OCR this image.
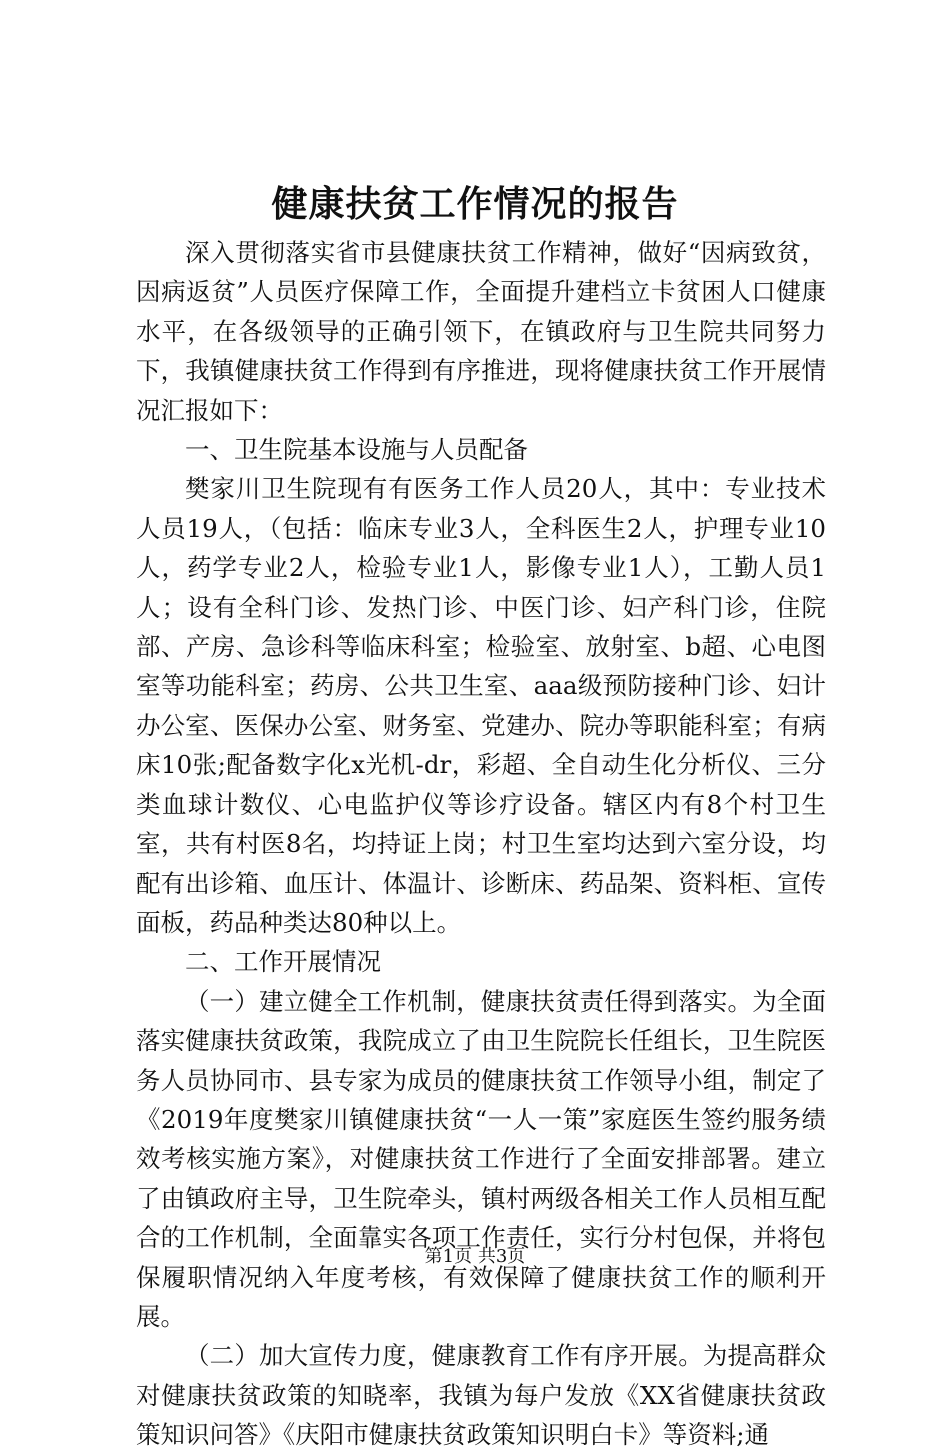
健康扶贫工作情况的报告

深入贯彻落实省市县健康扶贫工作精神，做好“因病致贫，因病返贫”人员医疗保障工作，全面提升建档立卡贫困人口健康水平，在各级领导的正确引领下，在镇政府与卫生院共同努力下，我镇健康扶贫工作得到有序推进，现将健康扶贫工作开展情况汇报如下：

一、卫生院基本设施与人员配备

樊家川卫生院现有有医务工作人员20人，其中：专业技术人员19人，（包括：临床专业3人，全科医生2人，护理专业10人，药学专业2人，检验专业1人，影像专业1人），工勤人员1人；设有全科门诊、发热门诊、中医门诊、妇产科门诊，住院部、产房、急诊科等临床科室；检验室、放射室、b超、心电图室等功能科室；药房、公共卫生室、aaa级预防接种门诊、妇计办公室、医保办公室、财务室、党建办、院办等职能科室；有病床10张;配备数字化x光机-dr，彩超、全自动生化分析仪、三分类血球计数仪、心电监护仪等诊疗设备。辖区内有8个村卫生室，共有村医8名，均持证上岗；村卫生室均达到六室分设，均配有出诊箱、血压计、体温计、诊断床、药品架、资料柜、宣传面板，药品种类达80种以上。

二、工作开展情况

（一）建立健全工作机制，健康扶贫责任得到落实。为全面落实健康扶贫政策，我院成立了由卫生院院长任组长，卫生院医务人员协同市、县专家为成员的健康扶贫工作领导小组，制定了《2019年度樊家川镇健康扶贫“一人一策”家庭医生签约服务绩效考核实施方案》，对健康扶贫工作进行了全面安排部署。建立了由镇政府主导，卫生院牵头，镇村两级各相关工作人员相互配合的工作机制，全面靠实各项工作责任，实行分村包保，并将包保履职情况纳入年度考核，有效保障了健康扶贫工作的顺利开展。

（二）加大宣传力度，健康教育工作有序开展。为提高群众对健康扶贫政策的知晓率，我镇为每户发放《XX省健康扶贫政策知识问答》《庆阳市健康扶贫政策知识明白卡》等资料;通

第1页 共3页
